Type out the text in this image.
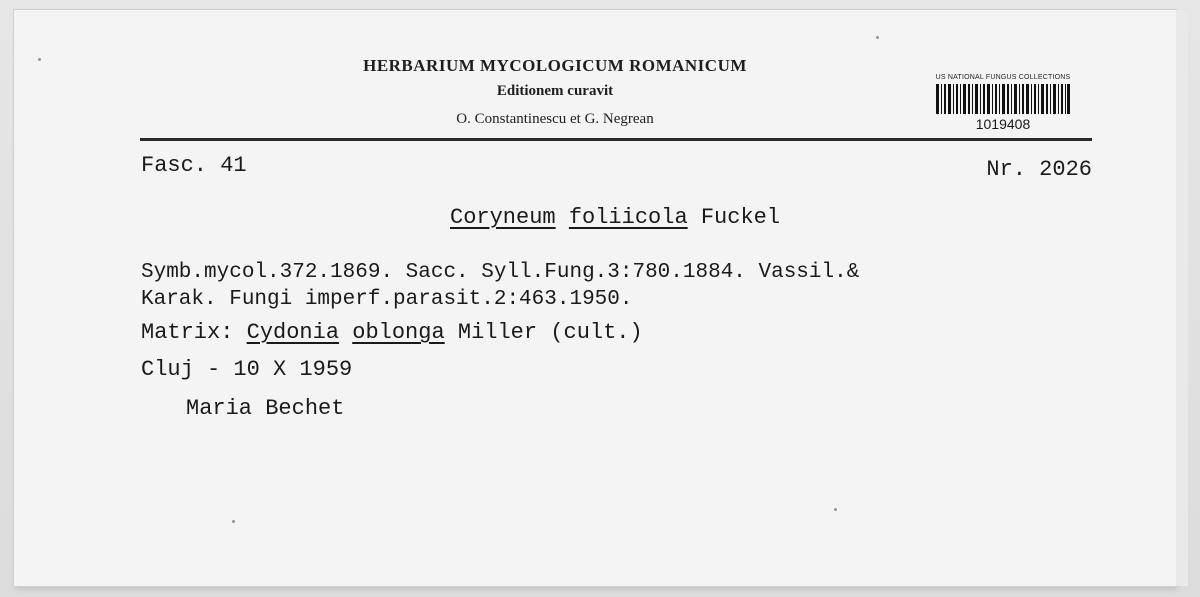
HERBARIUM MYCOLOGICUM ROMANICUM
Editionem curavit
O. Constantinescu et G. Negrean
US NATIONAL FUNGUS COLLECTIONS
1019408
Fasc. 41	Nr. 2026
Coryneum foliicola Fuckel
Symb.mycol.372.1869. Sacc. Syll.Fung.3:780.1884. Vassil.&
Karak. Fungi imperf.parasit.2:463.1950.
Matrix: Cydonia oblonga Miller (cult.)
Cluj - 10 X 1959
Maria Bechet
